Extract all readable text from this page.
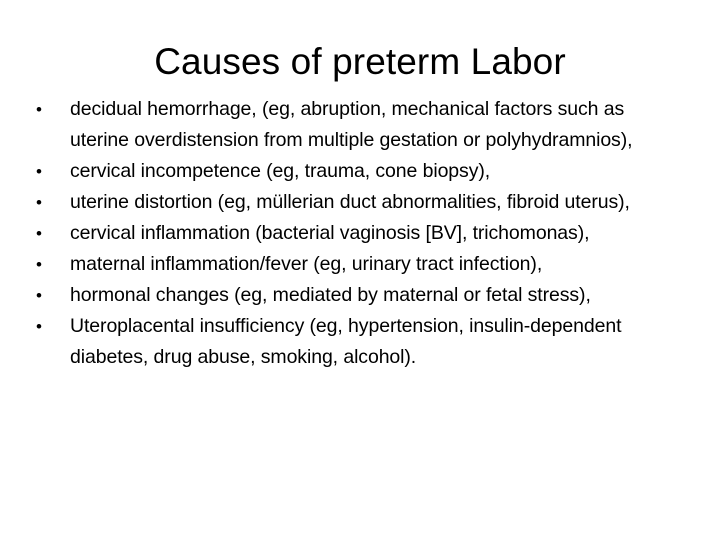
Causes of preterm Labor
•	decidual hemorrhage, (eg, abruption, mechanical factors such as uterine overdistension from multiple gestation or polyhydramnios),
•	cervical incompetence (eg, trauma, cone biopsy),
•	uterine distortion (eg, müllerian duct abnormalities, fibroid uterus),
•	cervical inflammation (bacterial vaginosis [BV], trichomonas),
•	maternal inflammation/fever (eg, urinary tract infection),
•	hormonal changes (eg, mediated by maternal or fetal stress),
•	Uteroplacental insufficiency (eg, hypertension, insulin-dependent diabetes, drug abuse, smoking, alcohol).
